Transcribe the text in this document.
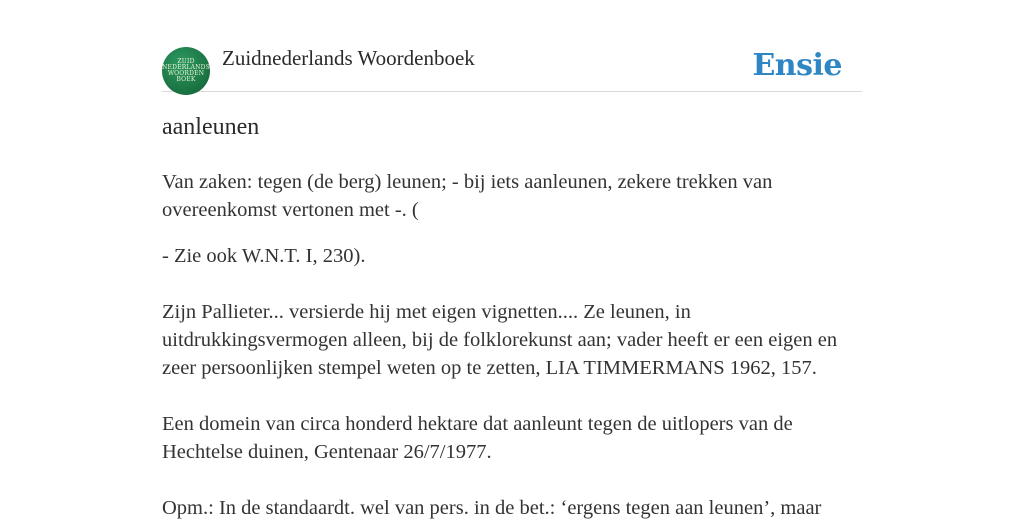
ZUID
NEDERLANDS
WOORDEN
BOEK
Zuidnederlands Woordenboek	Ensie
aanleunen

Van zaken: tegen (de berg) leunen; - bij iets aanleunen, zekere trekken van overeenkomst vertonen met -. (

- Zie ook W.N.T. I, 230).

Zijn Pallieter... versierde hij met eigen vignetten.... Ze leunen, in uitdrukkingsvermogen alleen, bij de folklorekunst aan; vader heeft er een eigen en zeer persoonlijken stempel weten op te zetten, LIA TIMMERMANS 1962, 157.

Een domein van circa honderd hektare dat aanleunt tegen de uitlopers van de Hechtelse duinen, Gentenaar 26/7/1977.

Opm.: In de standaardt. wel van pers. in de bet.: ‘ergens tegen aan leunen’, maar
